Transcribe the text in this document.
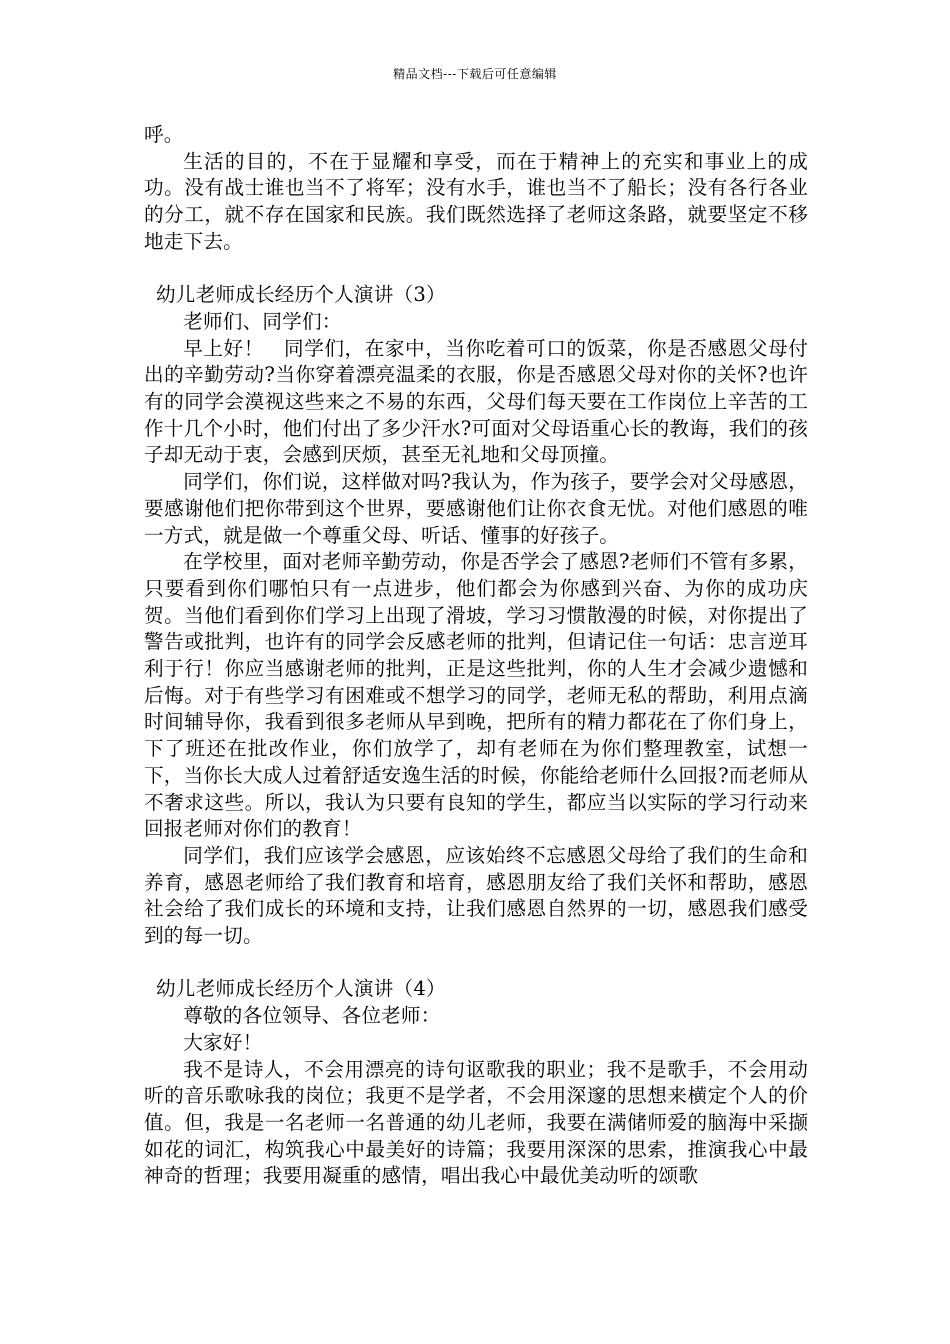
精品文档---下载后可任意编辑

呼。

生活的目的，不在于显耀和享受，而在于精神上的充实和事业上的成功。没有战士谁也当不了将军；没有水手，谁也当不了船长；没有各行各业的分工，就不存在国家和民族。我们既然选择了老师这条路，就要坚定不移地走下去。

幼儿老师成长经历个人演讲（3）

老师们、同学们：

早上好！　同学们，在家中，当你吃着可口的饭菜，你是否感恩父母付出的辛勤劳动?当你穿着漂亮温柔的衣服，你是否感恩父母对你的关怀?也许有的同学会漠视这些来之不易的东西，父母们每天要在工作岗位上辛苦的工作十几个小时，他们付出了多少汗水?可面对父母语重心长的教诲，我们的孩子却无动于衷，会感到厌烦，甚至无礼地和父母顶撞。

同学们，你们说，这样做对吗?我认为，作为孩子，要学会对父母感恩，要感谢他们把你带到这个世界，要感谢他们让你衣食无忧。对他们感恩的唯一方式，就是做一个尊重父母、听话、懂事的好孩子。

在学校里，面对老师辛勤劳动，你是否学会了感恩?老师们不管有多累，只要看到你们哪怕只有一点进步，他们都会为你感到兴奋、为你的成功庆贺。当他们看到你们学习上出现了滑坡，学习习惯散漫的时候，对你提出了警告或批判，也许有的同学会反感老师的批判，但请记住一句话：忠言逆耳利于行！你应当感谢老师的批判，正是这些批判，你的人生才会减少遗憾和后悔。对于有些学习有困难或不想学习的同学，老师无私的帮助，利用点滴时间辅导你，我看到很多老师从早到晚，把所有的精力都花在了你们身上，下了班还在批改作业，你们放学了，却有老师在为你们整理教室，试想一下，当你长大成人过着舒适安逸生活的时候，你能给老师什么回报?而老师从不奢求这些。所以，我认为只要有良知的学生，都应当以实际的学习行动来回报老师对你们的教育！

同学们，我们应该学会感恩，应该始终不忘感恩父母给了我们的生命和养育，感恩老师给了我们教育和培育，感恩朋友给了我们关怀和帮助，感恩社会给了我们成长的环境和支持，让我们感恩自然界的一切，感恩我们感受到的每一切。

幼儿老师成长经历个人演讲（4）

尊敬的各位领导、各位老师：

大家好！

我不是诗人，不会用漂亮的诗句讴歌我的职业；我不是歌手，不会用动听的音乐歌咏我的岗位；我更不是学者，不会用深邃的思想来横定个人的价值。但，我是一名老师一名普通的幼儿老师，我要在满储师爱的脑海中采撷如花的词汇，构筑我心中最美好的诗篇；我要用深深的思索，推演我心中最神奇的哲理；我要用凝重的感情，唱出我心中最优美动听的颂歌
